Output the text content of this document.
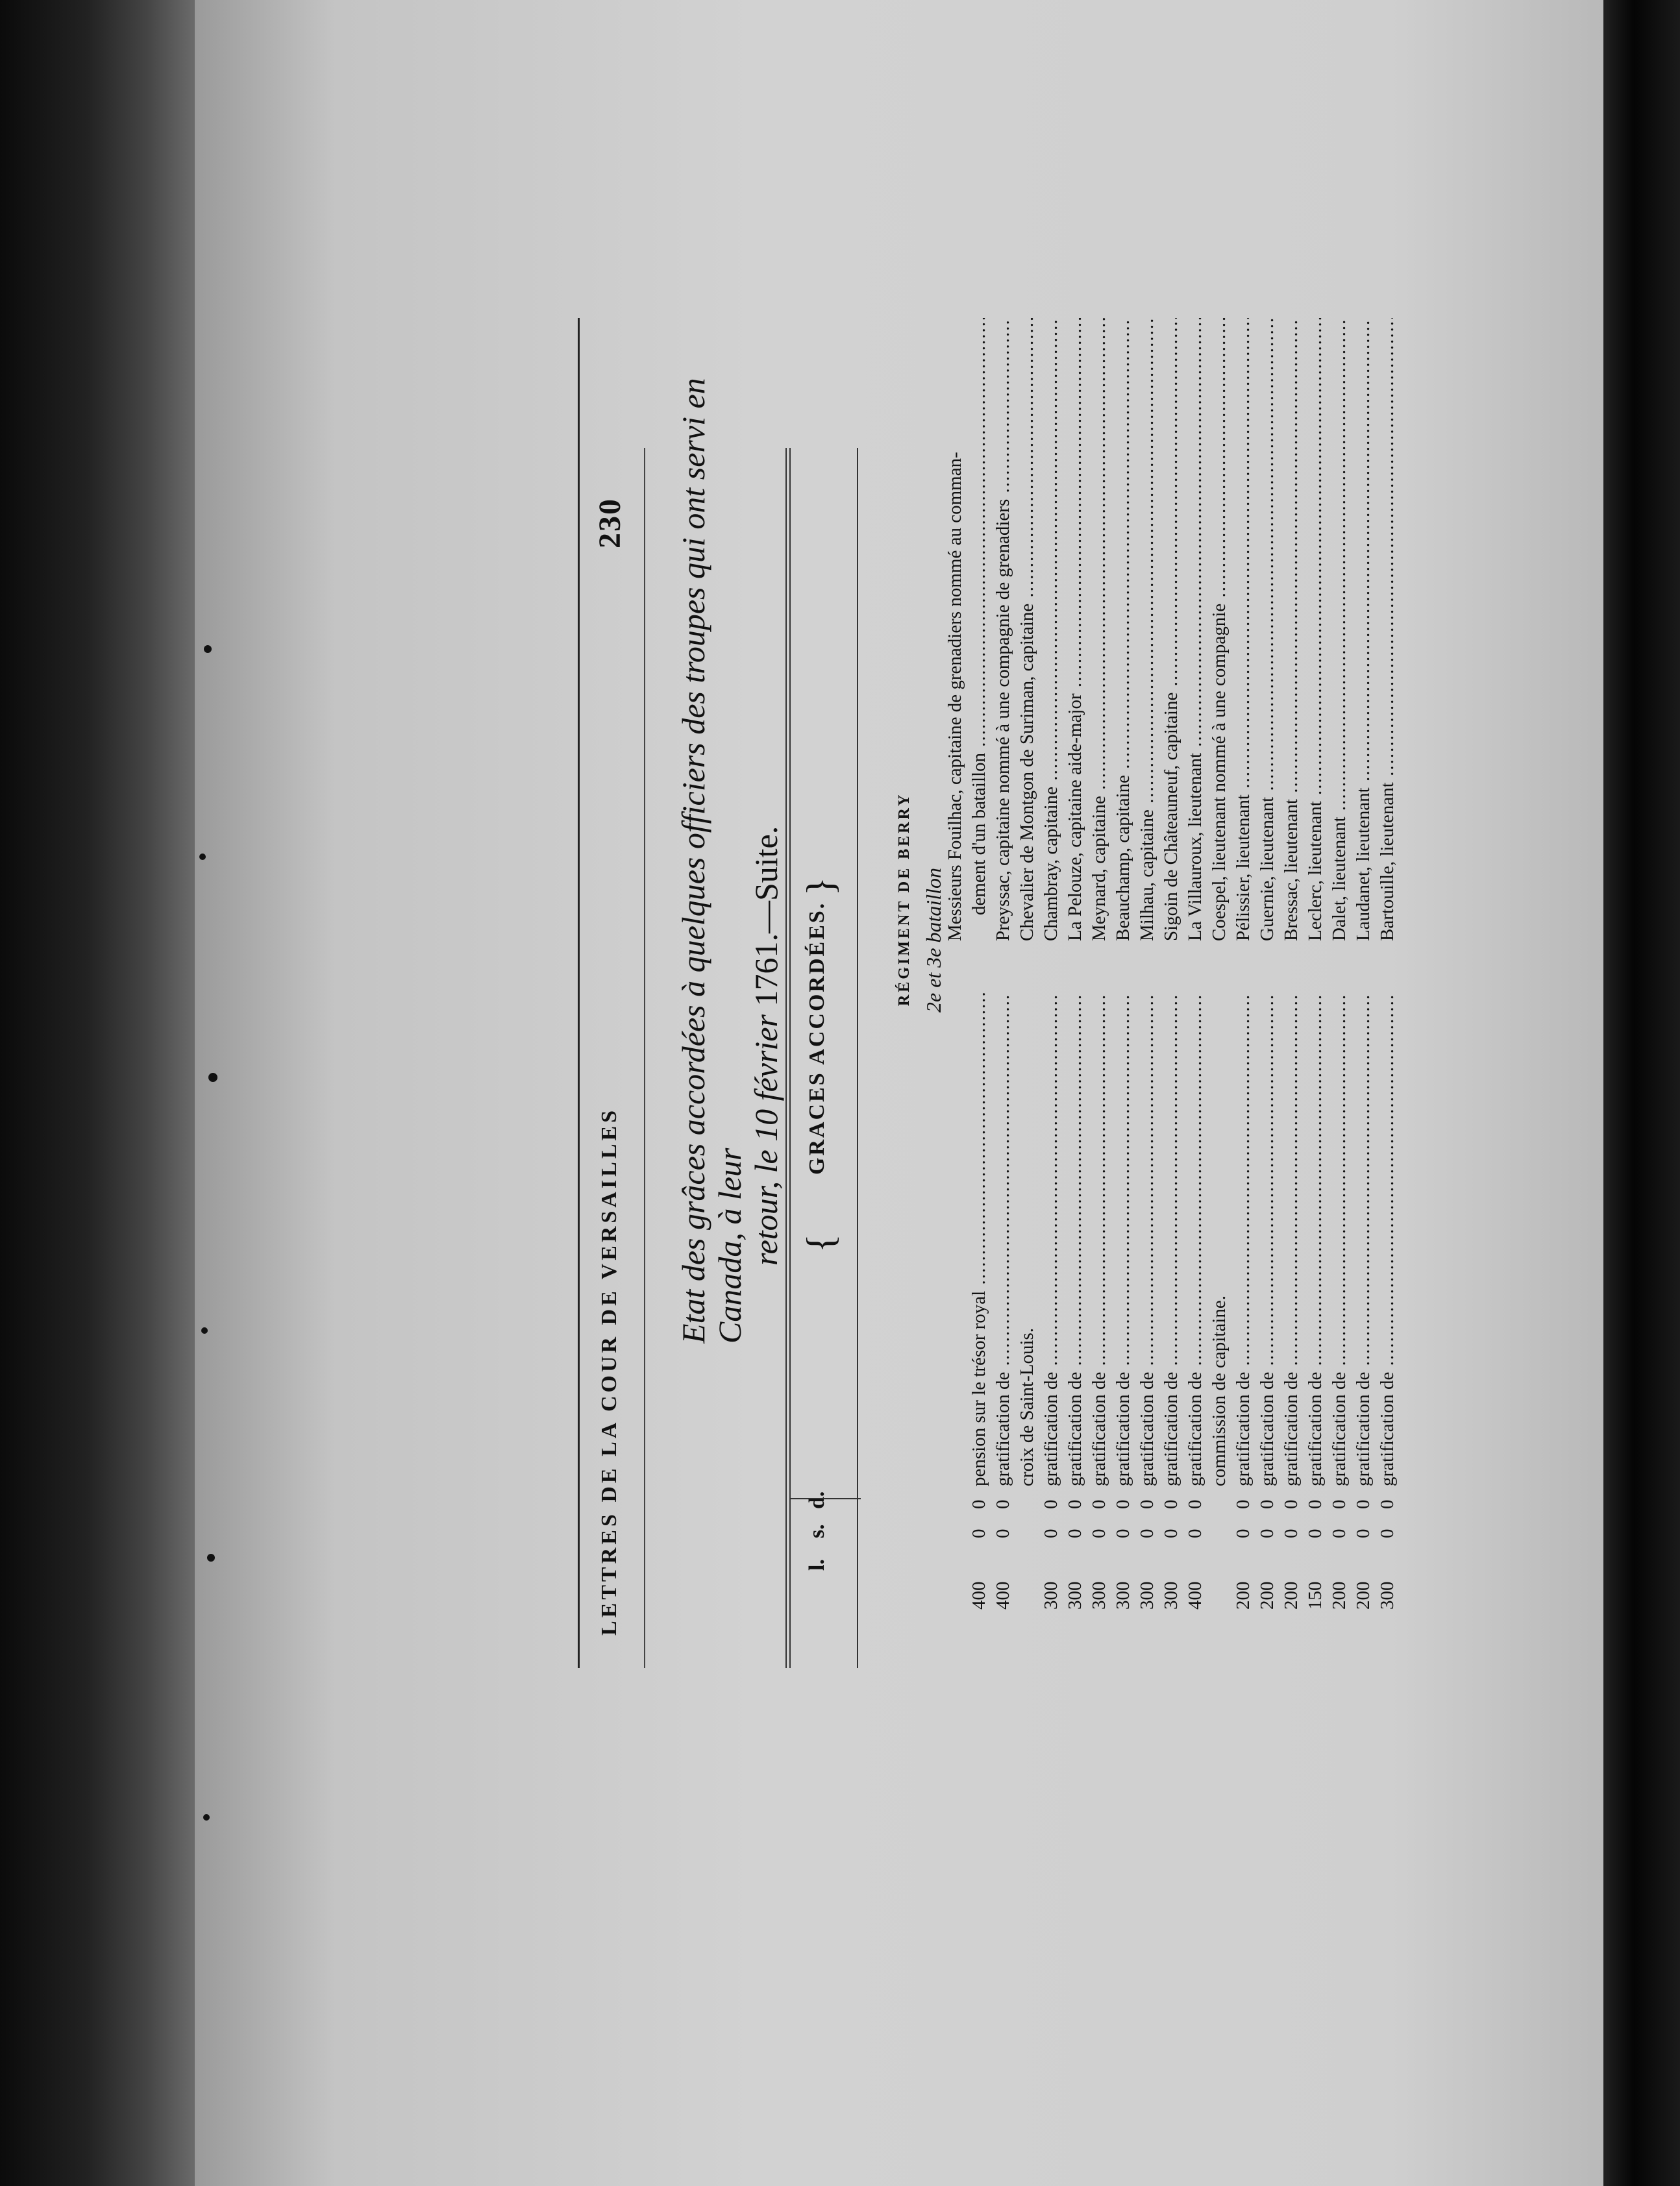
LETTRES DE LA COUR DE VERSAILLES
230 Etat des grâces accordées à quelques officiers des troupes qui ont servi en Canada, à leur retour, le 10 février 1761.—Suite.
l.
s.
d.
{
GRACES ACCORDÉES.
}	RÉGIMENT DE BERRY 2e et 3e bataillon Messieurs Fouilhac, capitaine de grenadiers nommé au comman- dement d'un bataillon .....
pension sur le trésor royal .....
400
0
0
Preyssac, capitaine nommé à une compagnie de grenadiers .....
gratification de .....
400
0
0
Chevalier de Montgon de Suriman, capitaine .....
croix de Saint-Louis.
Chambray, capitaine .....
gratification de .....
300
0
0
La Pelouze, capitaine aide-major .....
gratification de .....
300
0
0
Meynard, capitaine .....
gratification de .....
300
0
0
Beauchamp, capitaine .....
gratification de .....
300
0
0
Milhau, capitaine .....
gratification de .....
300
0
0
Sigoin de Châteauneuf, capitaine .....
gratification de .....
300
0
0
La Villauroux, lieutenant .....
gratification de .....
400
0
0
Coespel, lieutenant nommé à une compagnie .....
commission de capitaine.
Pélissier, lieutenant .....
gratification de .....
200
0
0
Guernie, lieutenant .....
gratification de .....
200
0
0
Bressac, lieutenant .....
gratification de .....
200
0
0
Leclerc, lieutenant .....
gratification de .....
150
0
0
Dalet, lieutenant .....
gratification de .....
200
0
0
Laudanet, lieutenant .....
gratification de .....
200
0
0
Bartouille, lieutenant .....
gratification de .....
300
0
0
